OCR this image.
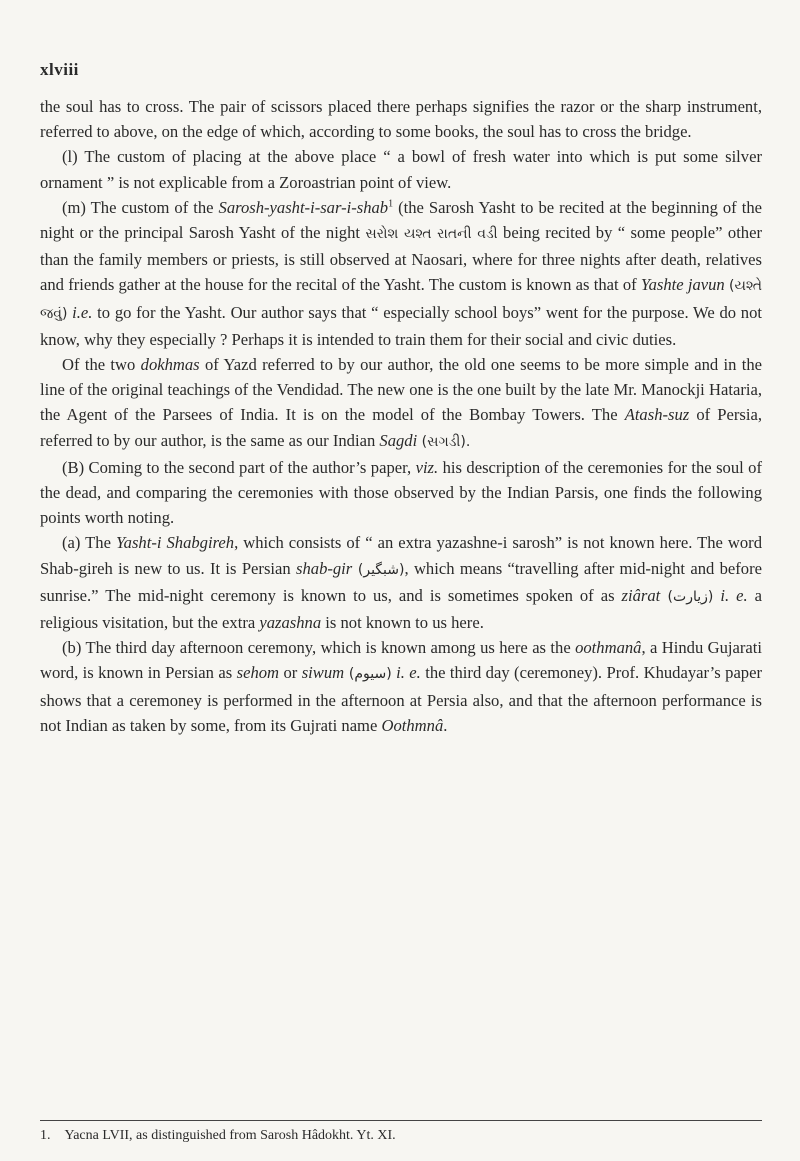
xlviii

the soul has to cross. The pair of scissors placed there perhaps signifies the razor or the sharp instrument, referred to above, on the edge of which, according to some books, the soul has to cross the bridge.

(l) The custom of placing at the above place “ a bowl of fresh water into which is put some silver ornament ” is not explicable from a Zoroastrian point of view.

(m) The custom of the Sarosh-yasht-i-sar-i-shab$^1$ (the Sarosh Yasht to be recited at the beginning of the night or the principal Sarosh Yasht of the night સરોશ યશ્ત રાતની વડી being recited by “ some people” other than the family members or priests, is still observed at Naosari, where for three nights after death, relatives and friends gather at the house for the recital of the Yasht. The custom is known as that of Yashte javun (યશ્તે જવું) i.e. to go for the Yasht. Our author says that “ especially school boys” went for the purpose. We do not know, why they especially ? Perhaps it is intended to train them for their social and civic duties.

Of the two dokhmas of Yazd referred to by our author, the old one seems to be more simple and in the line of the original teachings of the Vendidad. The new one is the one built by the late Mr. Manockji Hataria, the Agent of the Parsees of India. It is on the model of the Bombay Towers. The Atash-suz of Persia, referred to by our author, is the same as our Indian Sagdi (સગડી).

(B) Coming to the second part of the author’s paper, viz. his description of the ceremonies for the soul of the dead, and comparing the ceremonies with those observed by the Indian Parsis, one finds the following points worth noting.

(a) The Yasht-i Shabgireh, which consists of “ an extra yazashne-i sarosh” is not known here. The word Shab-gireh is new to us. It is Persian shab-gir (شبگیر), which means “travelling after mid-night and before sunrise.” The mid-night ceremony is known to us, and is sometimes spoken of as ziârat (زیارت) i. e. a religious visitation, but the extra yazashna is not known to us here.

(b) The third day afternoon ceremony, which is known among us here as the oothmanâ, a Hindu Gujarati word, is known in Persian as sehom or siwum (سیوم) i. e. the third day (ceremoney). Prof. Khudayar’s paper shows that a ceremoney is performed in the afternoon at Persia also, and that the afternoon performance is not Indian as taken by some, from its Gujrati name Oothmnâ.

1. Yacna LVII, as distinguished from Sarosh Hâdokht. Yt. XI.
